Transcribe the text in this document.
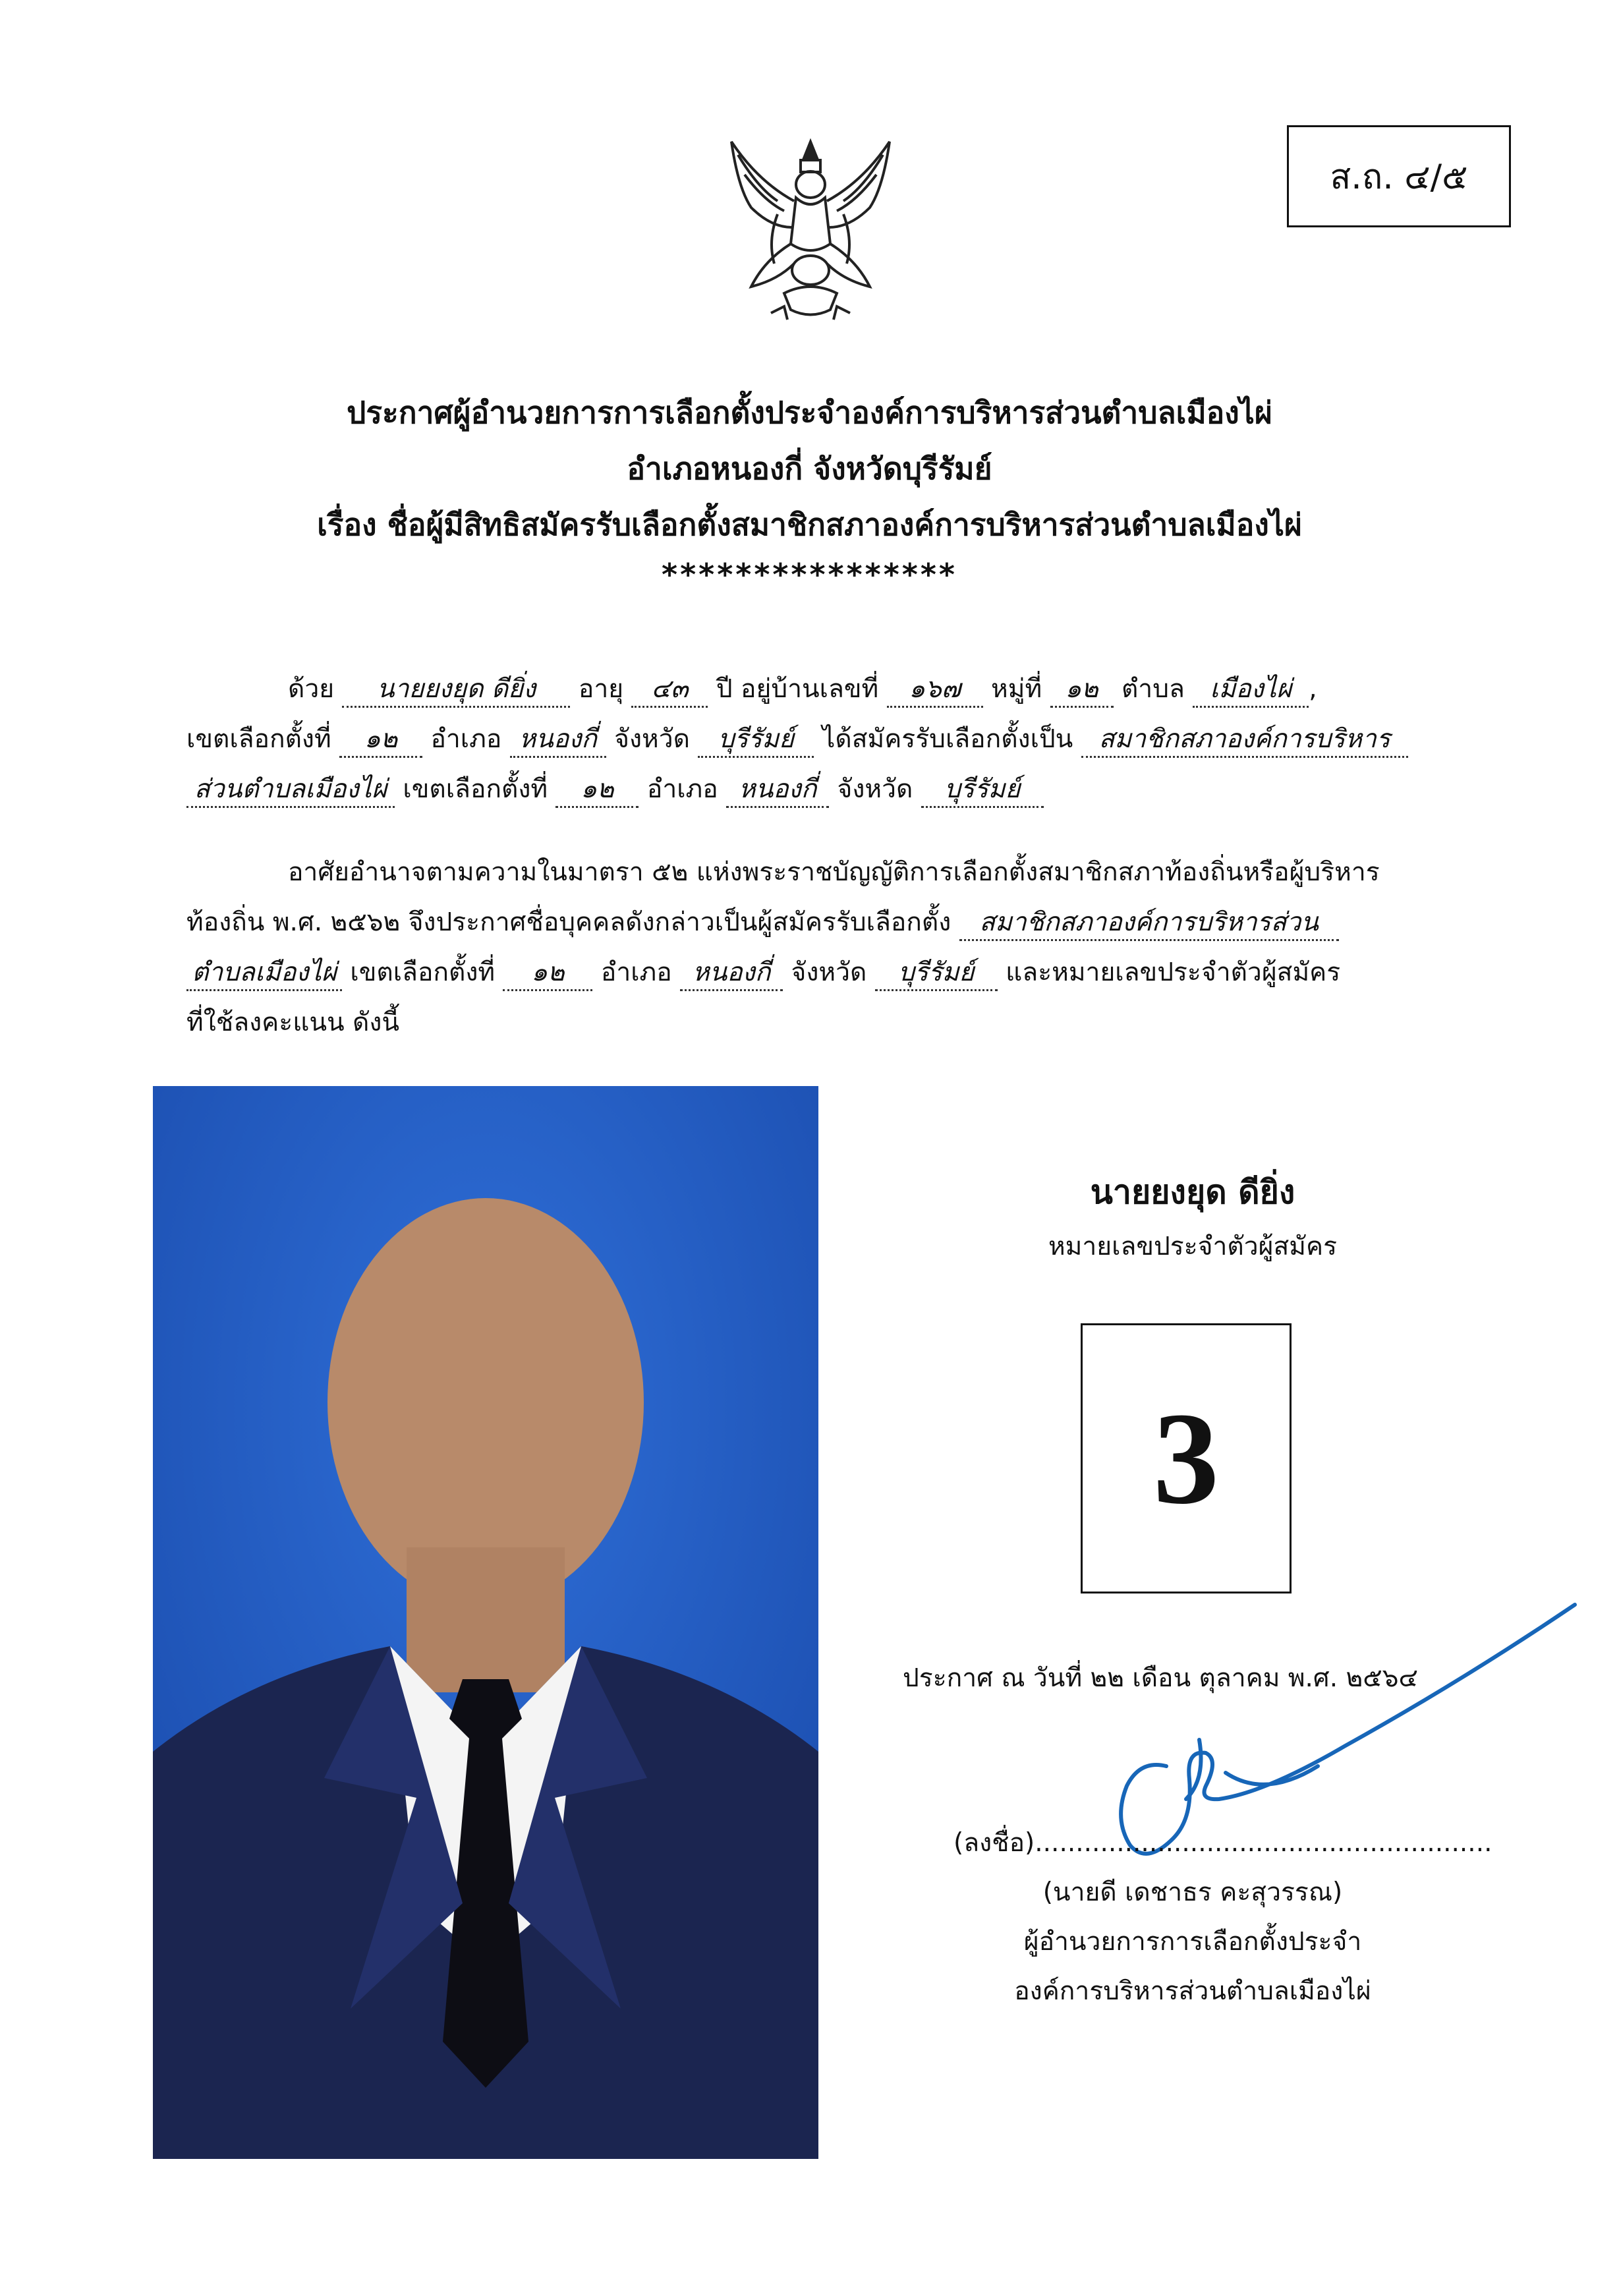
ส.ถ. ๔/๕
ประกาศผู้อำนวยการการเลือกตั้งประจำองค์การบริหารส่วนตำบลเมืองไผ่
อำเภอหนองกี่ จังหวัดบุรีรัมย์
เรื่อง ชื่อผู้มีสิทธิสมัครรับเลือกตั้งสมาชิกสภาองค์การบริหารส่วนตำบลเมืองไผ่
****************
ด้วย นายยงยุด ดียิ่ง อายุ ๔๓ ปี อยู่บ้านเลขที่ ๑๖๗ หมู่ที่ ๑๒ ตำบล เมืองไผ่ ,
เขตเลือกตั้งที่ ๑๒ อำเภอ หนองกี่ จังหวัด บุรีรัมย์ ได้สมัครรับเลือกตั้งเป็น สมาชิกสภาองค์การบริหาร
ส่วนตำบลเมืองไผ่ เขตเลือกตั้งที่ ๑๒ อำเภอ หนองกี่ จังหวัด บุรีรัมย์
อาศัยอำนาจตามความในมาตรา ๕๒ แห่งพระราชบัญญัติการเลือกตั้งสมาชิกสภาท้องถิ่นหรือผู้บริหาร
ท้องถิ่น พ.ศ. ๒๕๖๒ จึงประกาศชื่อบุคคลดังกล่าวเป็นผู้สมัครรับเลือกตั้ง สมาชิกสภาองค์การบริหารส่วน
ตำบลเมืองไผ่ เขตเลือกตั้งที่ ๑๒ อำเภอ หนองกี่ จังหวัด บุรีรัมย์ และหมายเลขประจำตัวผู้สมัคร
ที่ใช้ลงคะแนน ดังนี้
นายยงยุด ดียิ่ง
หมายเลขประจำตัวผู้สมัคร
3
ประกาศ ณ วันที่ ๒๒ เดือน ตุลาคม พ.ศ. ๒๕๖๔
(ลงชื่อ)........................................................
(นายดี เดชาธร คะสุวรรณ)
ผู้อำนวยการการเลือกตั้งประจำ
องค์การบริหารส่วนตำบลเมืองไผ่
